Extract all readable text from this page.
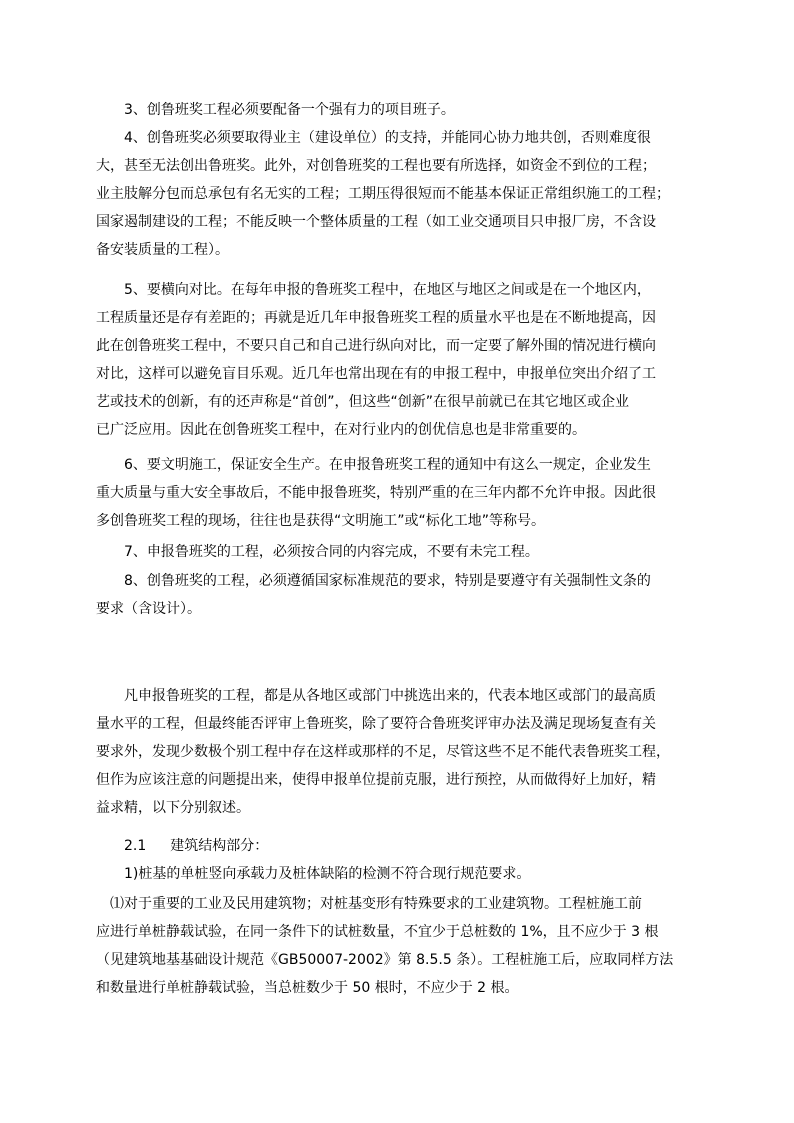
3、创鲁班奖工程必须要配备一个强有力的项目班子。

4、创鲁班奖必须要取得业主（建设单位）的支持，并能同心协力地共创，否则难度很
大，甚至无法创出鲁班奖。此外，对创鲁班奖的工程也要有所选择，如资金不到位的工程；
业主肢解分包而总承包有名无实的工程；工期压得很短而不能基本保证正常组织施工的工程；
国家遏制建设的工程；不能反映一个整体质量的工程（如工业交通项目只申报厂房，不含设
备安装质量的工程）。

5、要横向对比。在每年申报的鲁班奖工程中，在地区与地区之间或是在一个地区内，
工程质量还是存有差距的；再就是近几年申报鲁班奖工程的质量水平也是在不断地提高，因
此在创鲁班奖工程中，不要只自己和自己进行纵向对比，而一定要了解外围的情况进行横向
对比，这样可以避免盲目乐观。近几年也常出现在有的申报工程中，申报单位突出介绍了工
艺或技术的创新，有的还声称是“首创”，但这些“创新”在很早前就已在其它地区或企业
已广泛应用。因此在创鲁班奖工程中，在对行业内的创优信息也是非常重要的。

6、要文明施工，保证安全生产。在申报鲁班奖工程的通知中有这么一规定，企业发生
重大质量与重大安全事故后，不能申报鲁班奖，特别严重的在三年内都不允许申报。因此很
多创鲁班奖工程的现场，往往也是获得“文明施工”或“标化工地”等称号。

7、申报鲁班奖的工程，必须按合同的内容完成，不要有未完工程。

8、创鲁班奖的工程，必须遵循国家标准规范的要求，特别是要遵守有关强制性文条的
要求（含设计）。

凡申报鲁班奖的工程，都是从各地区或部门中挑选出来的，代表本地区或部门的最高质
量水平的工程，但最终能否评审上鲁班奖，除了要符合鲁班奖评审办法及满足现场复查有关
要求外，发现少数极个别工程中存在这样或那样的不足，尽管这些不足不能代表鲁班奖工程，
但作为应该注意的问题提出来，使得申报单位提前克服，进行预控，从而做得好上加好，精
益求精，以下分别叙述。

2.1 建筑结构部分：

1)桩基的单桩竖向承载力及桩体缺陷的检测不符合现行规范要求。

⑴对于重要的工业及民用建筑物；对桩基变形有特殊要求的工业建筑物。工程桩施工前
应进行单桩静载试验，在同一条件下的试桩数量，不宜少于总桩数的 1%，且不应少于 3 根
（见建筑地基基础设计规范《GB50007-2002》第 8.5.5 条）。工程桩施工后，应取同样方法
和数量进行单桩静载试验，当总桩数少于 50 根时，不应少于 2 根。
